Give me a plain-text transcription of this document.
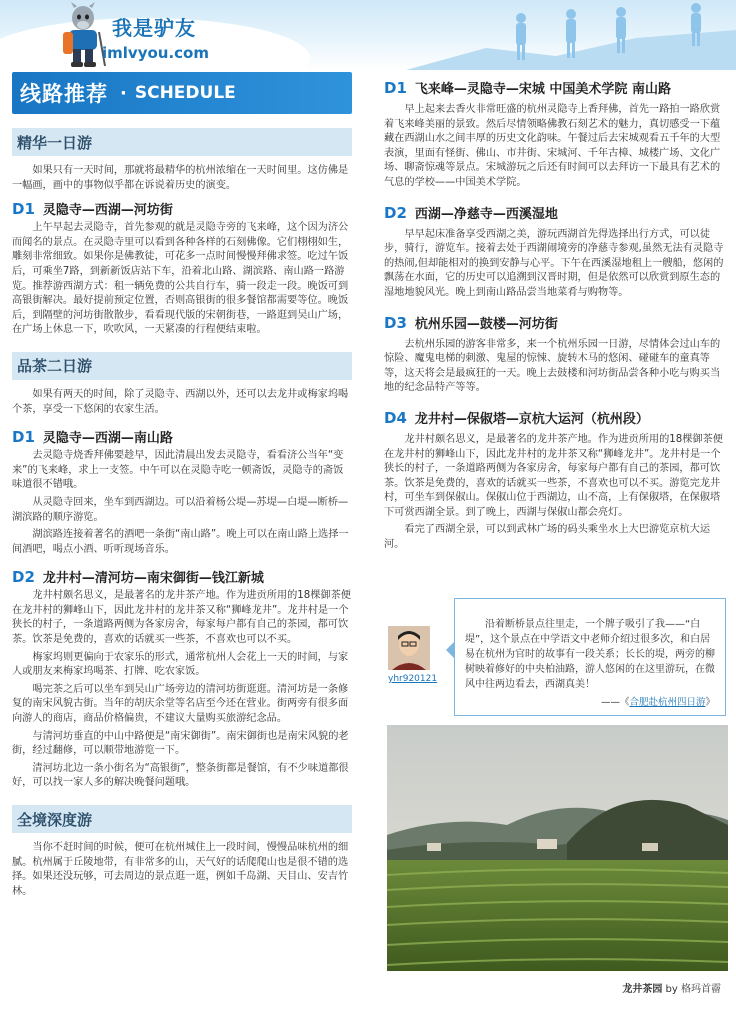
我是驴友
imlvyou.com
线路推荐 · SCHEDULE
精华一日游

如果只有一天时间，那就将最精华的杭州浓缩在一天时间里。这仿佛是一幅画，画中的事物似乎都在诉说着历史的演变。

D1 灵隐寺—西湖—河坊街

上午早起去灵隐寺，首先参观的就是灵隐寺旁的飞来峰，这个因为济公而闻名的景点。在灵隐寺里可以看到各种各样的石刻佛像。它们栩栩如生，雕刻非常细致。如果你是佛教徒，可花多一点时间慢慢拜佛求签。吃过午饭后，可乘坐7路，到新新饭店站下车，沿着北山路、湖滨路、南山路一路游览。推荐游西湖方式：租一辆免费的公共自行车，骑一段走一段。晚饭可到高银街解决。最好提前预定位置，否则高银街的很多餐馆都需要等位。晚饭后，到隔壁的河坊街散散步，看看现代版的宋朝街巷，一路逛到吴山广场，在广场上休息一下，吹吹风，一天紧凑的行程便结束啦。

品茶二日游

如果有两天的时间，除了灵隐寺、西湖以外，还可以去龙井或梅家坞喝个茶，享受一下悠闲的农家生活。

D1 灵隐寺—西湖—南山路

去灵隐寺烧香拜佛要趁早，因此清晨出发去灵隐寺，看看济公当年“变来”的飞来峰，求上一支签。中午可以在灵隐寺吃一顿斋饭，灵隐寺的斋饭味道很不错哦。

从灵隐寺回来，坐车到西湖边。可以沿着杨公堤—苏堤—白堤—断桥—湖滨路的顺序游览。

湖滨路连接着著名的酒吧一条街“南山路”。晚上可以在南山路上选择一间酒吧，喝点小酒、听听现场音乐。

D2 龙井村—清河坊—南宋御街—钱江新城

龙井村颇名思义，是最著名的龙井茶产地。作为进贡所用的18棵御茶便在龙井村的狮峰山下，因此龙井村的龙井茶又称“狮峰龙井”。龙井村是一个狭长的村子，一条道路两侧为各家房舍，每家每户都有自己的茶园，都可饮茶。饮茶是免费的，喜欢的话就买一些茶，不喜欢也可以不买。

梅家坞则更偏向于农家乐的形式，通常杭州人会花上一天的时间，与家人或朋友来梅家坞喝茶、打牌、吃农家饭。

喝完茶之后可以坐车到吴山广场旁边的清河坊街逛逛。清河坊是一条修复的南宋风貌古街。当年的胡庆余堂等名店至今还在营业。街两旁有很多面向游人的商店，商品价格偏贵，不建议大量购买旅游纪念品。

与清河坊垂直的中山中路便是“南宋御街”。南宋御街也是南宋风貌的老街，经过翻修，可以顺带地游览一下。

清河坊北边一条小街名为“高银街”，整条街都是餐馆，有不少味道都很好，可以找一家人多的解决晚餐问题哦。

全境深度游

当你不赶时间的时候，便可在杭州城住上一段时间，慢慢品味杭州的细腻。杭州属于丘陵地带，有非常多的山，天气好的话爬爬山也是很不错的选择。如果还没玩够，可去周边的景点逛一逛，例如千岛湖、天目山、安吉竹林。

D1 飞来峰—灵隐寺—宋城 中国美术学院 南山路

早上起来去香火非常旺盛的杭州灵隐寺上香拜佛，首先一路拍一路欣赏着飞来峰美丽的景致。然后尽情领略佛教石刻艺术的魅力，真切感受一下蕴藏在西湖山水之间丰厚的历史文化韵味。午餐过后去宋城观看五千年的大型表演，里面有怪街、佛山、市井街、宋城河、千年古樟、城楼广场、文化广场、聊斋惊魂等景点。宋城游玩之后还有时间可以去拜访一下最具有艺术的气息的学校——中国美术学院。

D2 西湖—净慈寺—西溪湿地

早早起床准备享受西湖之美，游玩西湖首先得选择出行方式，可以徒步，骑行，游览车。接着去处于西湖闹境旁的净慈寺参观,虽然无法有灵隐寺的热闹,但却能相对的换到安静与心平。下午在西溪湿地租上一艘船，悠闲的飘荡在水面，它的历史可以追溯到汉晋时期，但是依然可以欣赏到原生态的湿地地貌风光。晚上到南山路品尝当地菜肴与购物等。

D3 杭州乐园—鼓楼—河坊街

去杭州乐园的游客非常多，来一个杭州乐园一日游，尽情体会过山车的惊险、魔鬼电梯的刺激、鬼屋的惊悚、旋转木马的悠闲、碰碰车的童真等等，这天将会是最疯狂的一天。晚上去鼓楼和河坊街品尝各种小吃与购买当地的纪念品特产等等。

D4 龙井村—保俶塔—京杭大运河（杭州段）

龙井村颇名思义，是最著名的龙井茶产地。作为进贡所用的18棵御茶便在龙井村的狮峰山下，因此龙井村的龙井茶又称“狮峰龙井”。龙井村是一个狭长的村子，一条道路两侧为各家房舍，每家每户都有自己的茶园，都可饮茶。饮茶是免费的，喜欢的话就买一些茶，不喜欢也可以不买。游览完龙井村，可坐车到保俶山。保俶山位于西湖边，山不高，上有保俶塔，在保俶塔下可赏西湖全景。到了晚上，西湖与保俶山都会亮灯。

看完了西湖全景，可以到武林广场的码头乘坐水上大巴游览京杭大运河。

yhr920121

沿着断桥景点往里走，一个牌子吸引了我——“白堤”，这个景点在中学语文中老师介绍过很多次，和白居易在杭州为官时的故事有一段关系；长长的堤，两旁的柳树映着修好的中央柏油路，游人悠闲的在这里游玩，在微风中往两边看去，西湖真美！

——《合肥赴杭州四日游》
龙井茶园 by 格玛首霤
